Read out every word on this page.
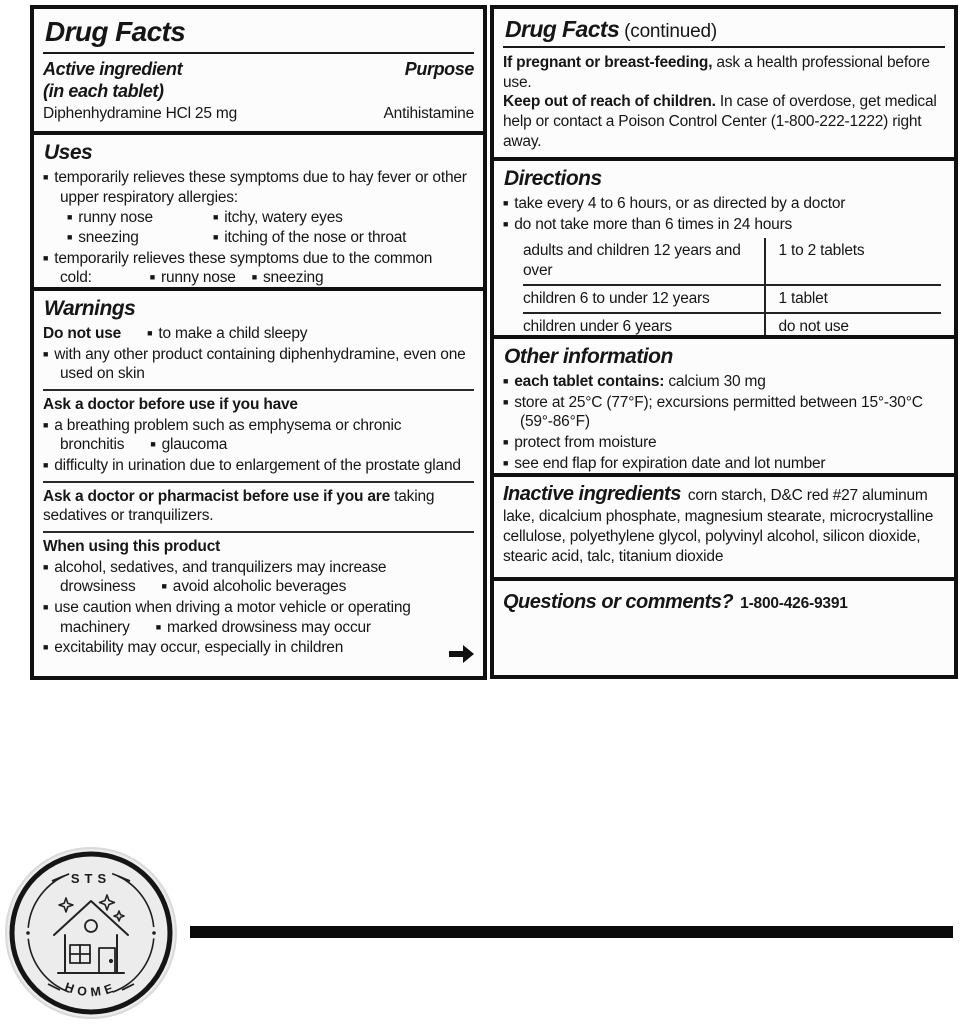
Drug Facts
Active ingredient	Purpose
(in each tablet)
Diphenhydramine HCl 25 mg	Antihistamine
Uses
■ temporarily relieves these symptoms due to hay fever or other upper respiratory allergies:
■ runny nose	■ itchy, watery eyes
■ sneezing	■ itching of the nose or throat
■ temporarily relieves these symptoms due to the common cold:	■ runny nose ■ sneezing
Warnings
Do not use	■ to make a child sleepy
■ with any other product containing diphenhydramine, even one used on skin
Ask a doctor before use if you have
■ a breathing problem such as emphysema or chronic bronchitis	■ glaucoma
■ difficulty in urination due to enlargement of the prostate gland
Ask a doctor or pharmacist before use if you are taking sedatives or tranquilizers.
When using this product
■ alcohol, sedatives, and tranquilizers may increase drowsiness	■ avoid alcoholic beverages
■ use caution when driving a motor vehicle or operating machinery	■ marked drowsiness may occur
■ excitability may occur, especially in children
Drug Facts (continued)
If pregnant or breast-feeding, ask a health professional before use.
Keep out of reach of children. In case of overdose, get medical help or contact a Poison Control Center (1-800-222-1222) right away.
Directions
■ take every 4 to 6 hours, or as directed by a doctor
■ do not take more than 6 times in 24 hours
adults and children 12 years and over	1 to 2 tablets
children 6 to under 12 years	1 tablet
children under 6 years	do not use
Other information
■ each tablet contains: calcium 30 mg
■ store at 25°C (77°F); excursions permitted between 15°-30°C (59°-86°F)
■ protect from moisture
■ see end flap for expiration date and lot number
Inactive ingredients corn starch, D&C red #27 aluminum lake, dicalcium phosphate, magnesium stearate, microcrystalline cellulose, polyethylene glycol, polyvinyl alcohol, silicon dioxide, stearic acid, talc, titanium dioxide
Questions or comments? 1-800-426-9391
STS
HOME
